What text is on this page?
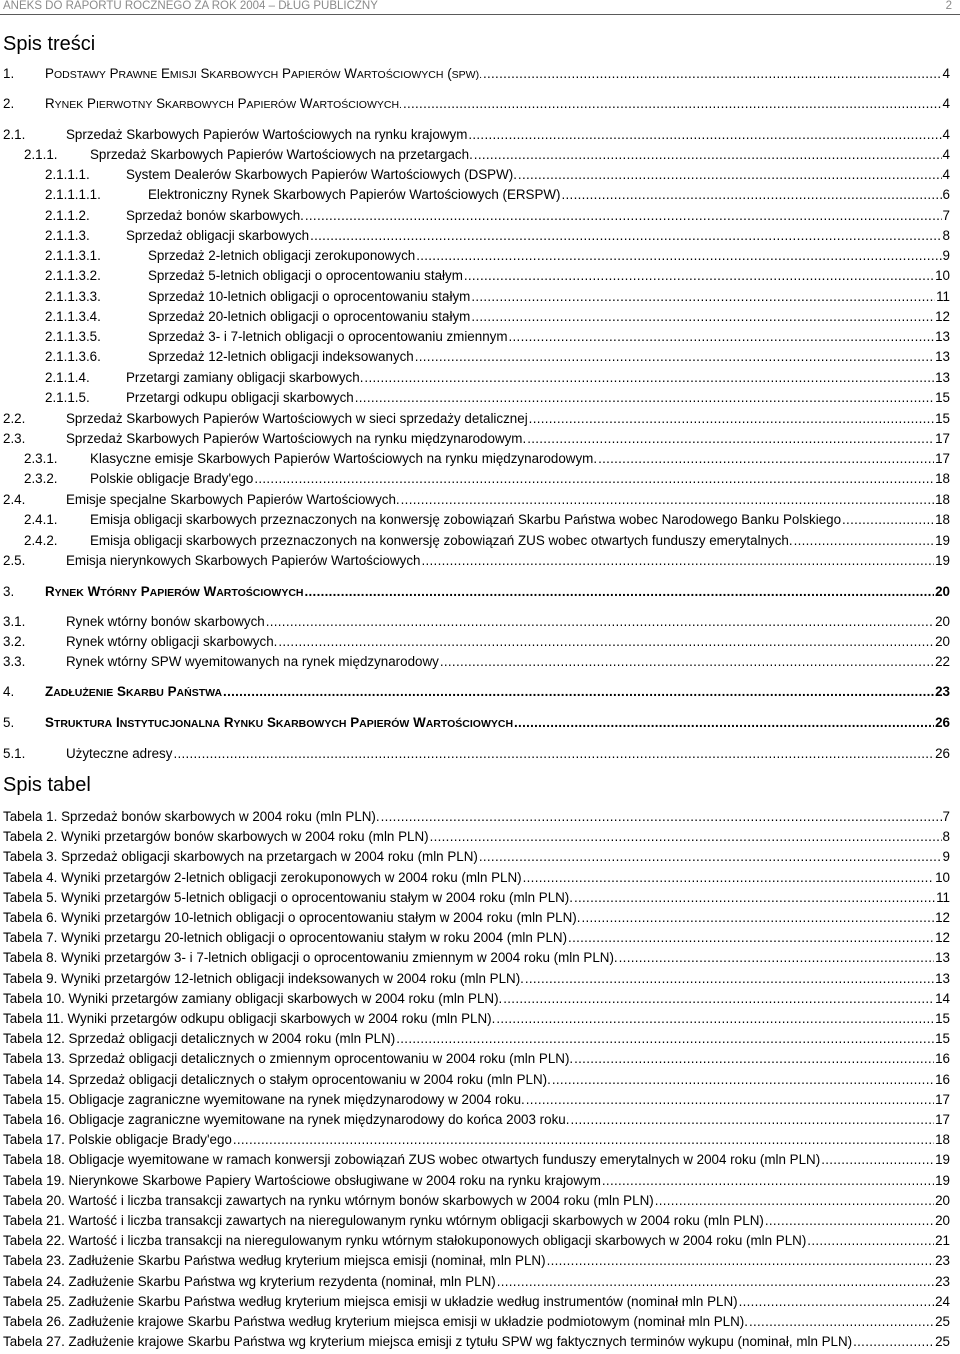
ANEKS DO RAPORTU ROCZNEGO ZA ROK 2004 – DŁUG PUBLICZNY	2
Spis treści
1. PODSTAWY PRAWNE EMISJI SKARBOWYCH PAPIERÓW WARTOŚCIOWYCH (SPW). .....	4
2. RYNEK PIERWOTNY SKARBOWYCH PAPIERÓW WARTOŚCIOWYCH. .....	4
2.1.	Sprzedaż Skarbowych Papierów Wartościowych na rynku krajowym .....	4
2.1.1. Sprzedaż Skarbowych Papierów Wartościowych na przetargach. .....	4
2.1.1.1.	System Dealerów Skarbowych Papierów Wartościowych (DSPW). .....	4
2.1.1.1.1.	Elektroniczny Rynek Skarbowych Papierów Wartościowych (ERSPW) .....	6
2.1.1.2.	Sprzedaż bonów skarbowych. .....	7
2.1.1.3.	Sprzedaż obligacji skarbowych .....	8
2.1.1.3.1.	Sprzedaż 2-letnich obligacji zerokuponowych .....	9
2.1.1.3.2.	Sprzedaż 5-letnich obligacji o oprocentowaniu stałym .....	10
2.1.1.3.3.	Sprzedaż 10-letnich obligacji o oprocentowaniu stałym .....	11
2.1.1.3.4.	Sprzedaż 20-letnich obligacji o oprocentowaniu stałym .....	12
2.1.1.3.5.	Sprzedaż 3- i 7-letnich obligacji o oprocentowaniu zmiennym .....	13
2.1.1.3.6.	Sprzedaż 12-letnich obligacji indeksowanych .....	13
2.1.1.4.	Przetargi zamiany obligacji skarbowych. .....	13
2.1.1.5.	Przetargi odkupu obligacji skarbowych .....	15
2.2.	Sprzedaż Skarbowych Papierów Wartościowych w sieci sprzedaży detalicznej .....	15
2.3.	Sprzedaż Skarbowych Papierów Wartościowych na rynku międzynarodowym. .....	17
2.3.1. Klasyczne emisje Skarbowych Papierów Wartościowych na rynku międzynarodowym. .....	17
2.3.2. Polskie obligacje Brady'ego .....	18
2.4.	Emisje specjalne Skarbowych Papierów Wartościowych. .....	18
2.4.1. Emisja obligacji skarbowych przeznaczonych na konwersję zobowiązań Skarbu Państwa wobec Narodowego Banku Polskiego .....	18
2.4.2. Emisja obligacji skarbowych przeznaczonych na konwersję zobowiązań ZUS wobec otwartych funduszy emerytalnych. .....	19
2.5.	Emisja nierynkowych Skarbowych Papierów Wartościowych .....	19
3. RYNEK WTÓRNY PAPIERÓW WARTOŚCIOWYCH .....	20
3.1.	Rynek wtórny bonów skarbowych .....	20
3.2.	Rynek wtórny obligacji skarbowych. .....	20
3.3.	Rynek wtórny SPW wyemitowanych na rynek międzynarodowy .....	22
4. ZADŁUŻENIE SKARBU PAŃSTWA .....	23
5. STRUKTURA INSTYTUCJONALNA RYNKU SKARBOWYCH PAPIERÓW WARTOŚCIOWYCH .....	26
5.1.	Użyteczne adresy .....	26
Spis tabel
Tabela 1. Sprzedaż bonów skarbowych w 2004 roku (mln PLN). .....	7
Tabela 2. Wyniki przetargów bonów skarbowych w 2004 roku (mln PLN) .....	8
Tabela 3. Sprzedaż obligacji skarbowych na przetargach w 2004 roku (mln PLN) .....	9
Tabela 4. Wyniki przetargów 2-letnich obligacji zerokuponowych w 2004 roku (mln PLN) .....	10
Tabela 5. Wyniki przetargów 5-letnich obligacji o oprocentowaniu stałym w 2004 roku (mln PLN). .....	11
Tabela 6. Wyniki przetargów 10-letnich obligacji o oprocentowaniu stałym w 2004 roku (mln PLN). .....	12
Tabela 7. Wyniki przetargu 20-letnich obligacji o oprocentowaniu stałym w roku 2004 (mln PLN) .....	12
Tabela 8. Wyniki przetargów 3- i 7-letnich obligacji o oprocentowaniu zmiennym w 2004 roku (mln PLN). .....	13
Tabela 9. Wyniki przetargów 12-letnich obligacji indeksowanych w 2004 roku (mln PLN). .....	13
Tabela 10. Wyniki przetargów zamiany obligacji skarbowych w 2004 roku (mln PLN). .....	14
Tabela 11. Wyniki przetargów odkupu obligacji skarbowych w 2004 roku (mln PLN). .....	15
Tabela 12. Sprzedaż obligacji detalicznych w 2004 roku (mln PLN) .....	15
Tabela 13. Sprzedaż obligacji detalicznych o zmiennym oprocentowaniu w 2004 roku (mln PLN). .....	16
Tabela 14. Sprzedaż obligacji detalicznych o stałym oprocentowaniu w 2004 roku (mln PLN). .....	16
Tabela 15. Obligacje zagraniczne wyemitowane na rynek międzynarodowy w 2004 roku. .....	17
Tabela 16. Obligacje zagraniczne wyemitowane na rynek międzynarodowy do końca 2003 roku. .....	17
Tabela 17. Polskie obligacje Brady'ego .....	18
Tabela 18. Obligacje wyemitowane w ramach konwersji zobowiązań ZUS wobec otwartych funduszy emerytalnych w 2004 roku (mln PLN) .....	19
Tabela 19. Nierynkowe Skarbowe Papiery Wartościowe obsługiwane w 2004 roku na rynku krajowym .....	19
Tabela 20. Wartość i liczba transakcji zawartych na rynku wtórnym bonów skarbowych w 2004 roku (mln PLN) .....	20
Tabela 21. Wartość i liczba transakcji zawartych na nieregulowanym rynku wtórnym obligacji skarbowych w 2004 roku (mln PLN) .....	20
Tabela 22. Wartość i liczba transakcji na nieregulowanym rynku wtórnym stałokuponowych obligacji skarbowych w 2004 roku (mln PLN) .....	21
Tabela 23. Zadłużenie Skarbu Państwa według kryterium miejsca emisji (nominał, mln PLN) .....	23
Tabela 24. Zadłużenie Skarbu Państwa wg kryterium rezydenta (nominał, mln PLN) .....	23
Tabela 25. Zadłużenie Skarbu Państwa według kryterium miejsca emisji w układzie według instrumentów (nominał mln PLN) .....	24
Tabela 26. Zadłużenie krajowe Skarbu Państwa według kryterium miejsca emisji w układzie podmiotowym (nominał mln PLN). .....	25
Tabela 27. Zadłużenie krajowe Skarbu Państwa wg kryterium miejsca emisji z tytułu SPW wg faktycznych terminów wykupu (nominał, mln PLN) .....	25
